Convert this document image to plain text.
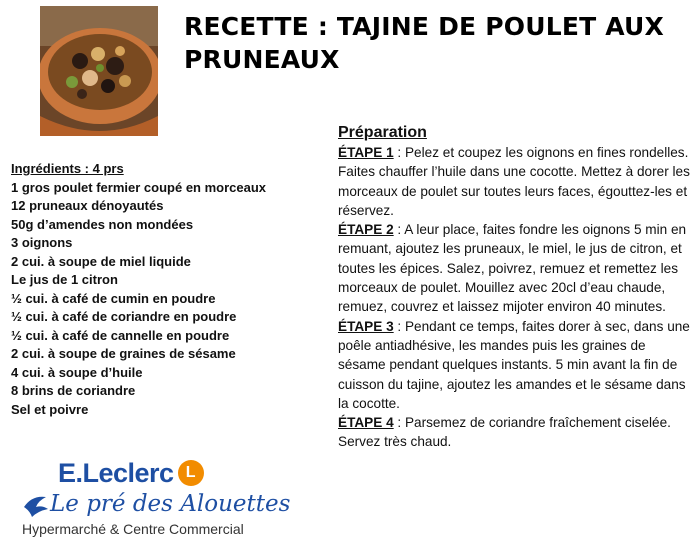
RECETTE : TAJINE DE POULET AUX PRUNEAUX
Ingrédients : 4 prs
1 gros poulet fermier coupé en morceaux
12 pruneaux dénoyautés
50g d’amendes non mondées
3 oignons
2 cui. à soupe de miel liquide
Le jus de 1 citron
½ cui. à café de cumin en poudre
½ cui. à café de coriandre en poudre
½ cui. à café de cannelle en poudre
2 cui. à soupe de graines de sésame
4 cui. à soupe d’huile
8 brins de coriandre
Sel et poivre
Préparation

ÉTAPE 1 : Pelez et coupez les oignons en fines rondelles. Faites chauffer l’huile dans une cocotte. Mettez à dorer les morceaux de poulet sur toutes leurs faces, égouttez-les et réservez.

ÉTAPE 2 : A leur place, faites fondre les oignons 5 min en remuant, ajoutez les pruneaux, le miel, le jus de citron, et toutes les épices. Salez, poivrez, remuez et remettez les morceaux de poulet. Mouillez avec 20cl d’eau chaude, remuez, couvrez et laissez mijoter environ 40 minutes.

ÉTAPE 3 : Pendant ce temps, faites dorer à sec, dans une poêle antiadhésive, les mandes puis les graines de sésame pendant quelques instants. 5 min avant la fin de cuisson du tajine, ajoutez les amandes et le sésame dans la cocotte.

ÉTAPE 4 : Parsemez de coriandre fraîchement ciselée. Servez très chaud.

E.Leclerc L
Le pré des Alouettes
Hypermarché & Centre Commercial
